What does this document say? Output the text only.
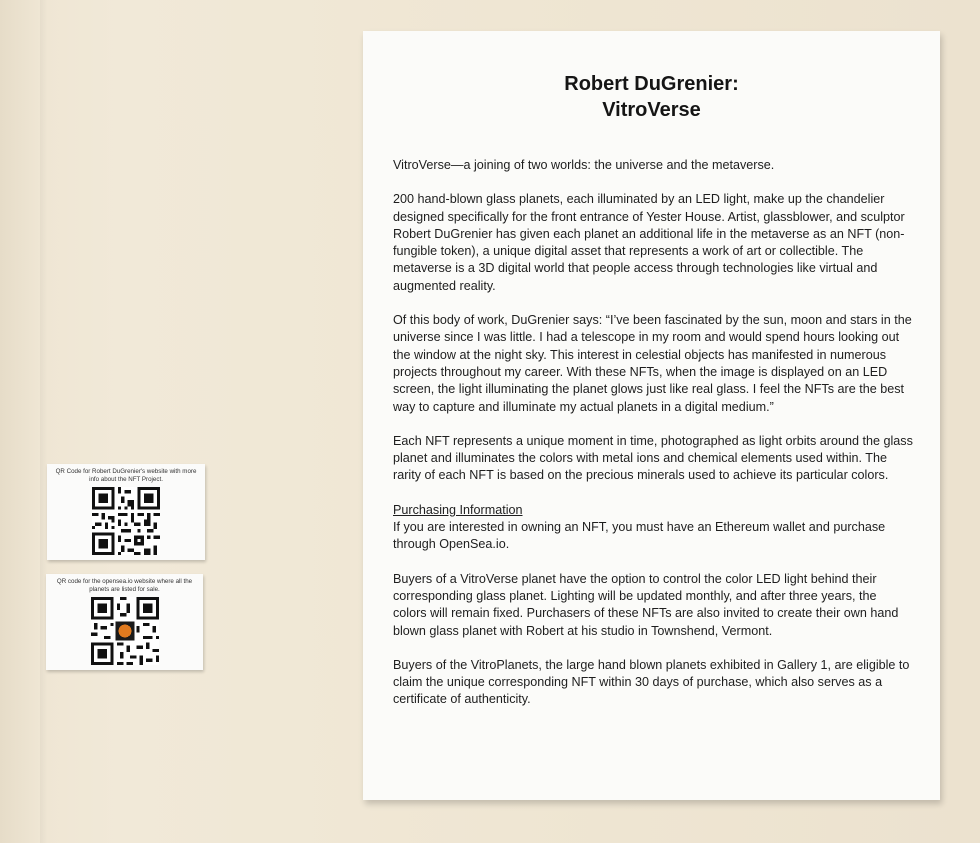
Robert DuGrenier:
VitroVerse

VitroVerse—a joining of two worlds: the universe and the metaverse.

200 hand-blown glass planets, each illuminated by an LED light, make up the chandelier designed specifically for the front entrance of Yester House. Artist, glassblower, and sculptor Robert DuGrenier has given each planet an additional life in the metaverse as an NFT (non-fungible token), a unique digital asset that represents a work of art or collectible. The metaverse is a 3D digital world that people access through technologies like virtual and augmented reality.

Of this body of work, DuGrenier says: “I’ve been fascinated by the sun, moon and stars in the universe since I was little. I had a telescope in my room and would spend hours looking out the window at the night sky. This interest in celestial objects has manifested in numerous projects throughout my career. With these NFTs, when the image is displayed on an LED screen, the light illuminating the planet glows just like real glass. I feel the NFTs are the best way to capture and illuminate my actual planets in a digital medium.”

Each NFT represents a unique moment in time, photographed as light orbits around the glass planet and illuminates the colors with metal ions and chemical elements used within. The rarity of each NFT is based on the precious minerals used to achieve its particular colors.

Purchasing Information
If you are interested in owning an NFT, you must have an Ethereum wallet and purchase through OpenSea.io.

Buyers of a VitroVerse planet have the option to control the color LED light behind their corresponding glass planet. Lighting will be updated monthly, and after three years, the colors will remain fixed. Purchasers of these NFTs are also invited to create their own hand blown glass planet with Robert at his studio in Townshend, Vermont.

Buyers of the VitroPlanets, the large hand blown planets exhibited in Gallery 1, are eligible to claim the unique corresponding NFT within 30 days of purchase, which also serves as a certificate of authenticity.

QR Code for Robert DuGrenier's website with more info about the NFT Project.
QR code for the opensea.io website where all the planets are listed for sale.
